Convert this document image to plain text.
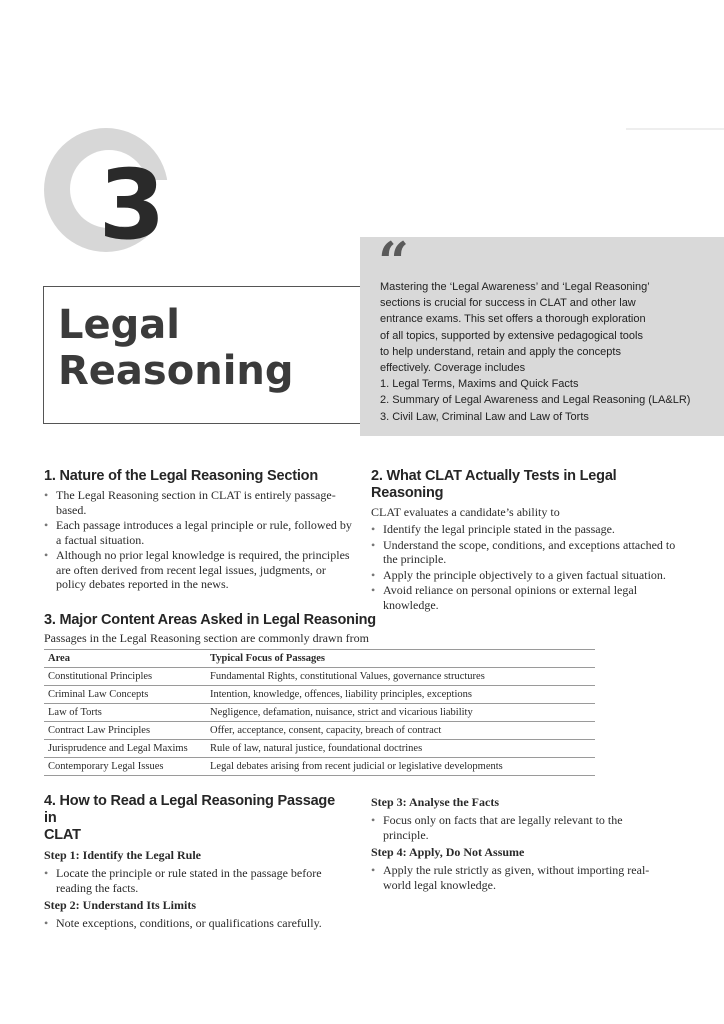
3
Legal
Reasoning
“
Mastering the ‘Legal Awareness’ and ‘Legal Reasoning’
sections is crucial for success in CLAT and other law
entrance exams. This set offers a thorough exploration
of all topics, supported by extensive pedagogical tools
to help understand, retain and apply the concepts
effectively. Coverage includes
1. Legal Terms, Maxims and Quick Facts
2. Summary of Legal Awareness and Legal Reasoning (LA&LR)
3. Civil Law, Criminal Law and Law of Torts
1. Nature of the Legal Reasoning Section
• The Legal Reasoning section in CLAT is entirely passage-based.
• Each passage introduces a legal principle or rule, followed by a factual situation.
• Although no prior legal knowledge is required, the principles are often derived from recent legal issues, judgments, or policy debates reported in the news.
2. What CLAT Actually Tests in Legal Reasoning
CLAT evaluates a candidate’s ability to
• Identify the legal principle stated in the passage.
• Understand the scope, conditions, and exceptions attached to the principle.
• Apply the principle objectively to a given factual situation.
• Avoid reliance on personal opinions or external legal knowledge.
3. Major Content Areas Asked in Legal Reasoning
Passages in the Legal Reasoning section are commonly drawn from
Area	Typical Focus of Passages
Constitutional Principles	Fundamental Rights, constitutional Values, governance structures
Criminal Law Concepts	Intention, knowledge, offences, liability principles, exceptions
Law of Torts	Negligence, defamation, nuisance, strict and vicarious liability
Contract Law Principles	Offer, acceptance, consent, capacity, breach of contract
Jurisprudence and Legal Maxims	Rule of law, natural justice, foundational doctrines
Contemporary Legal Issues	Legal debates arising from recent judicial or legislative developments
4. How to Read a Legal Reasoning Passage in
CLAT
Step 1: Identify the Legal Rule
• Locate the principle or rule stated in the passage before reading the facts.
Step 2: Understand Its Limits
• Note exceptions, conditions, or qualifications carefully.
Step 3: Analyse the Facts
• Focus only on facts that are legally relevant to the principle.
Step 4: Apply, Do Not Assume
• Apply the rule strictly as given, without importing real-world legal knowledge.
